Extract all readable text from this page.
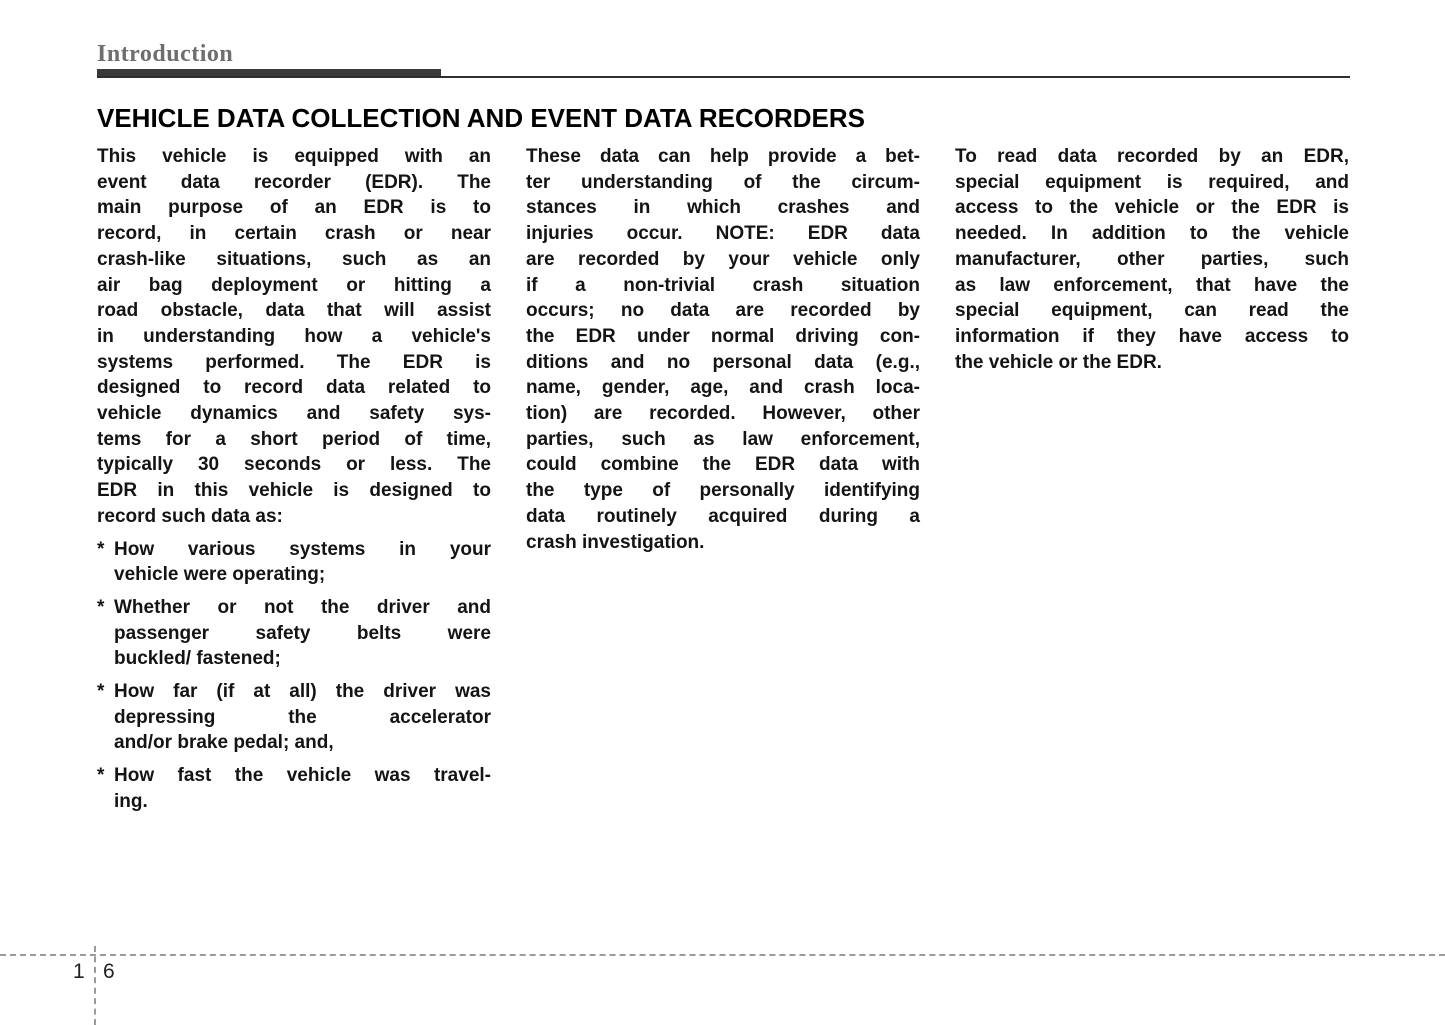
Introduction
VEHICLE DATA COLLECTION AND EVENT DATA RECORDERS
This vehicle is equipped with an
event data recorder (EDR). The
main purpose of an EDR is to
record, in certain crash or near
crash-like situations, such as an
air bag deployment or hitting a
road obstacle, data that will assist
in understanding how a vehicle's
systems performed. The EDR is
designed to record data related to
vehicle dynamics and safety sys-
tems for a short period of time,
typically 30 seconds or less. The
EDR in this vehicle is designed to
record such data as:
* How various systems in your
vehicle were operating;
* Whether or not the driver and
passenger safety belts were
buckled/ fastened;
* How far (if at all) the driver was
depressing the accelerator
and/or brake pedal; and,
* How fast the vehicle was travel-
ing.
These data can help provide a bet-
ter understanding of the circum-
stances in which crashes and
injuries occur. NOTE: EDR data
are recorded by your vehicle only
if a non-trivial crash situation
occurs; no data are recorded by
the EDR under normal driving con-
ditions and no personal data (e.g.,
name, gender, age, and crash loca-
tion) are recorded. However, other
parties, such as law enforcement,
could combine the EDR data with
the type of personally identifying
data routinely acquired during a
crash investigation.
To read data recorded by an EDR,
special equipment is required, and
access to the vehicle or the EDR is
needed. In addition to the vehicle
manufacturer, other parties, such
as law enforcement, that have the
special equipment, can read the
information if they have access to
the vehicle or the EDR.
1 6
